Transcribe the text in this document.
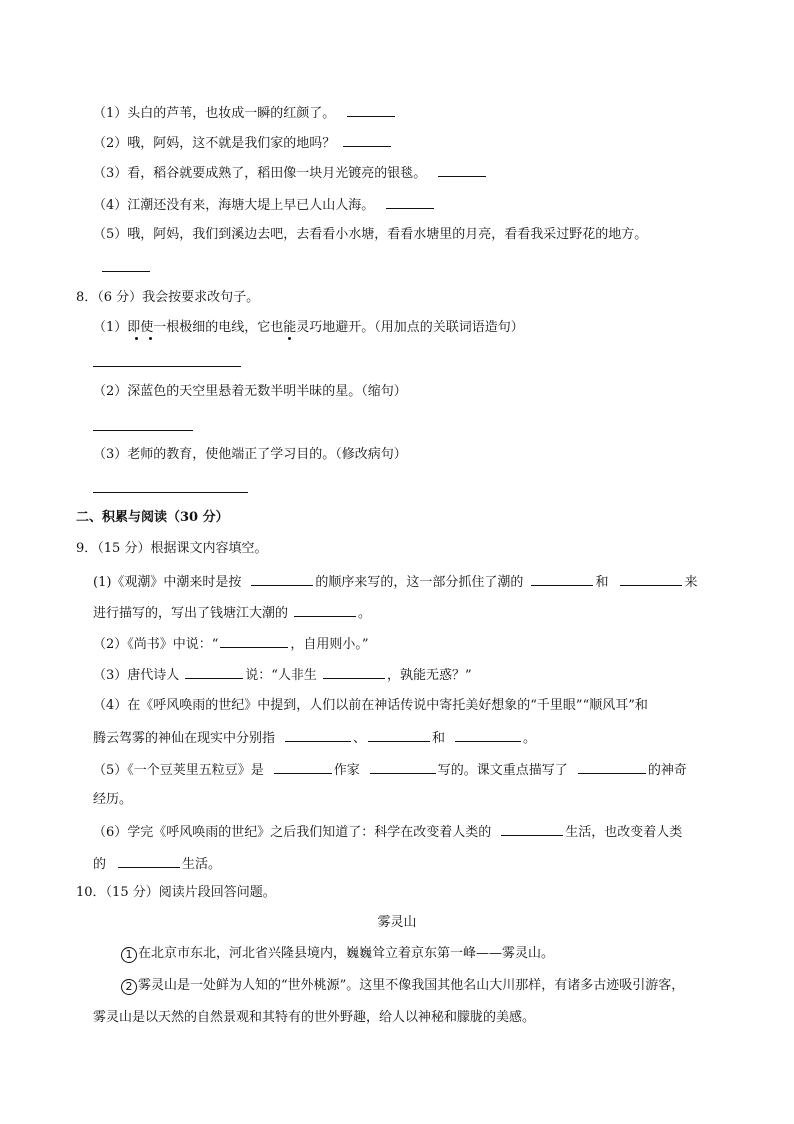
（1）头白的芦苇，也妆成一瞬的红颜了。
（2）哦，阿妈，这不就是我们家的地吗？
（3）看，稻谷就要成熟了，稻田像一块月光镀亮的银毯。
（4）江潮还没有来，海塘大堤上早已人山人海。
（5）哦，阿妈，我们到溪边去吧，去看看小水塘，看看水塘里的月亮，看看我采过野花的地方。
8．（6 分）我会按要求改句子。
（1）即使一根极细的电线，它也能灵巧地避开。（用加点的关联词语造句）
（2）深蓝色的天空里悬着无数半明半昧的星。（缩句）
（3）老师的教育，使他端正了学习目的。（修改病句）
二、积累与阅读（30 分）
9．（15 分）根据课文内容填空。
(1)《观潮》中潮来时是按	的顺序来写的，这一部分抓住了潮的	和	来
进行描写的，写出了钱塘江大潮的	。
（2）《尚书》中说：“	，自用则小。”
（3）唐代诗人	说：“人非生	，孰能无惑？”
（4）在《呼风唤雨的世纪》中提到，人们以前在神话传说中寄托美好想象的“千里眼”“顺风耳”和
腾云驾雾的神仙在现实中分别指	、	和	。
（5）《一个豆荚里五粒豆》是	作家	写的。课文重点描写了	的神奇
经历。
（6）学完《呼风唤雨的世纪》之后我们知道了：科学在改变着人类的	生活，也改变着人类
的	生活。
10．（15 分）阅读片段回答问题。
雾灵山
1 在北京市东北，河北省兴隆县境内，巍巍耸立着京东第一峰——雾灵山。
2 雾灵山是一处鲜为人知的“世外桃源”。这里不像我国其他名山大川那样，有诸多古迹吸引游客，
雾灵山是以天然的自然景观和其特有的世外野趣，给人以神秘和朦胧的美感。
